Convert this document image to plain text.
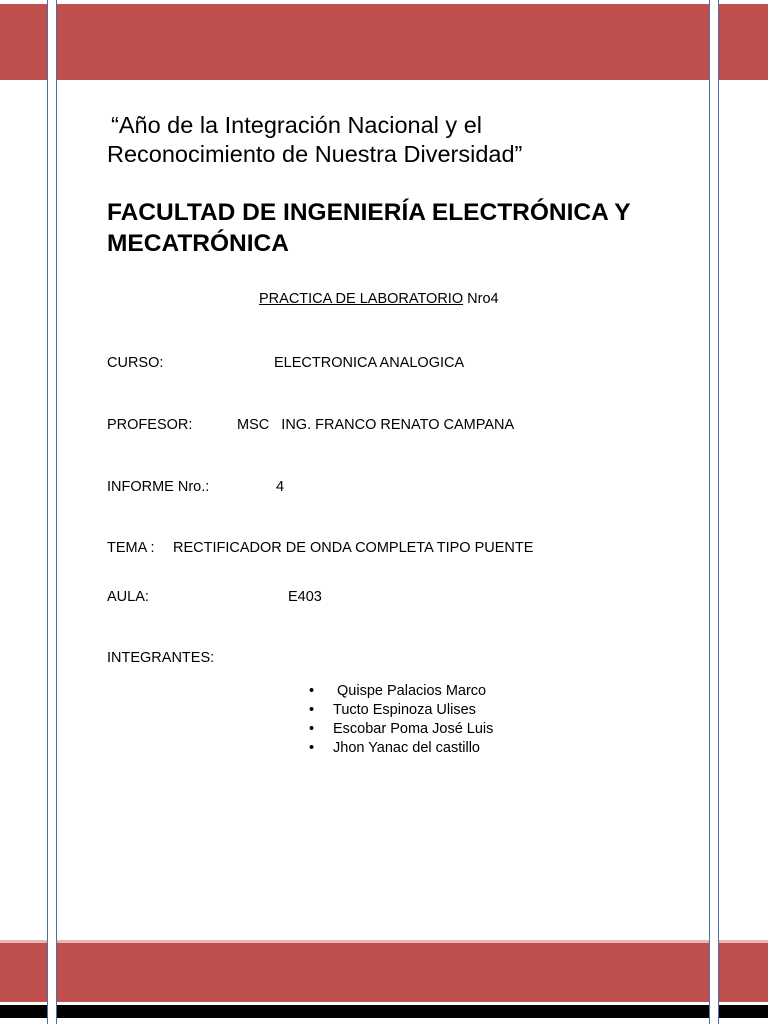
“Año de la Integración Nacional y el
Reconocimiento de Nuestra Diversidad”

FACULTAD DE INGENIERÍA ELECTRÓNICA Y
MECATRÓNICA

PRACTICA DE LABORATORIO Nro4
CURSO:	ELECTRONICA ANALOGICA
PROFESOR:	MSC   ING. FRANCO RENATO CAMPANA
INFORME Nro.:	4
TEMA : RECTIFICADOR DE ONDA COMPLETA TIPO PUENTE
AULA:	E403
INTEGRANTES:
•  Quispe Palacios Marco
• Tucto Espinoza Ulises
• Escobar Poma José Luis
• Jhon Yanac del castillo
